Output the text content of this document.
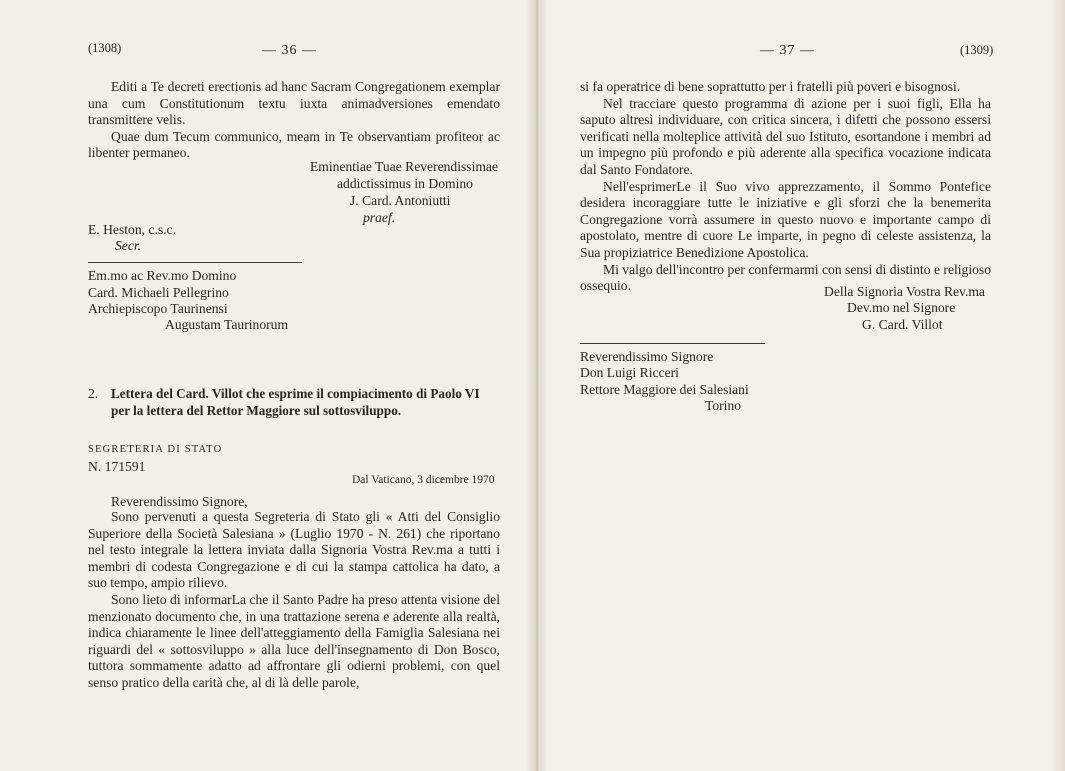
(1308)	— 36 —

Editi a Te decreti erectionis ad hanc Sacram Congregationem exemplar una cum Constitutionum textu iuxta animadversiones emendato transmittere velis.

Quae dum Tecum communico, meam in Te observantiam profiteor ac libenter permaneo.

Eminentiae Tuae Reverendissimae
addictissimus in Domino
J. Card. Antoniutti
praef.
E. Heston, c.s.c.
Secr.
Em.mo ac Rev.mo Domino
Card. Michaeli Pellegrino
Archiepiscopo Taurinensi
Augustam Taurinorum
2. Lettera del Card. Villot che esprime il compiacimento di Paolo VI
per la lettera del Rettor Maggiore sul sottosviluppo.
SEGRETERIA DI STATO
N. 171591
Dal Vaticano, 3 dicembre 1970
Reverendissimo Signore,

Sono pervenuti a questa Segreteria di Stato gli « Atti del Consiglio Superiore della Società Salesiana » (Luglio 1970 - N. 261) che riportano nel testo integrale la lettera inviata dalla Signoria Vostra Rev.ma a tutti i membri di codesta Congregazione e di cui la stampa cattolica ha dato, a suo tempo, ampio rilievo.

Sono lieto di informarLa che il Santo Padre ha preso attenta visione del menzionato documento che, in una trattazione serena e aderente alla realtà, indica chiaramente le linee dell'atteggiamento della Famiglia Salesiana nei riguardi del « sottosviluppo » alla luce dell'insegnamento di Don Bosco, tuttora sommamente adatto ad affrontare gli odierni problemi, con quel senso pratico della carità che, al di là delle parole,

— 37 —	(1309)

si fa operatrice di bene soprattutto per i fratelli più poveri e bisognosi.

Nel tracciare questo programma di azione per i suoi figli, Ella ha saputo altresì individuare, con critica sincera, i difetti che possono essersi verificati nella molteplice attività del suo Istituto, esortandone i membri ad un impegno più profondo e più aderente alla specifica vocazione indicata dal Santo Fondatore.

Nell'esprimerLe il Suo vivo apprezzamento, il Sommo Pontefice desidera incoraggiare tutte le iniziative e gli sforzi che la benemerita Congregazione vorrà assumere in questo nuovo e importante campo di apostolato, mentre di cuore Le imparte, in pegno di celeste assistenza, la Sua propiziatrice Benedizione Apostolica.

Mi valgo dell'incontro per confermarmi con sensi di distinto e religioso ossequio.	Della Signoria Vostra Rev.ma
Dev.mo nel Signore
G. Card. Villot
Reverendissimo Signore
Don Luigi Ricceri
Rettore Maggiore dei Salesiani
Torino
